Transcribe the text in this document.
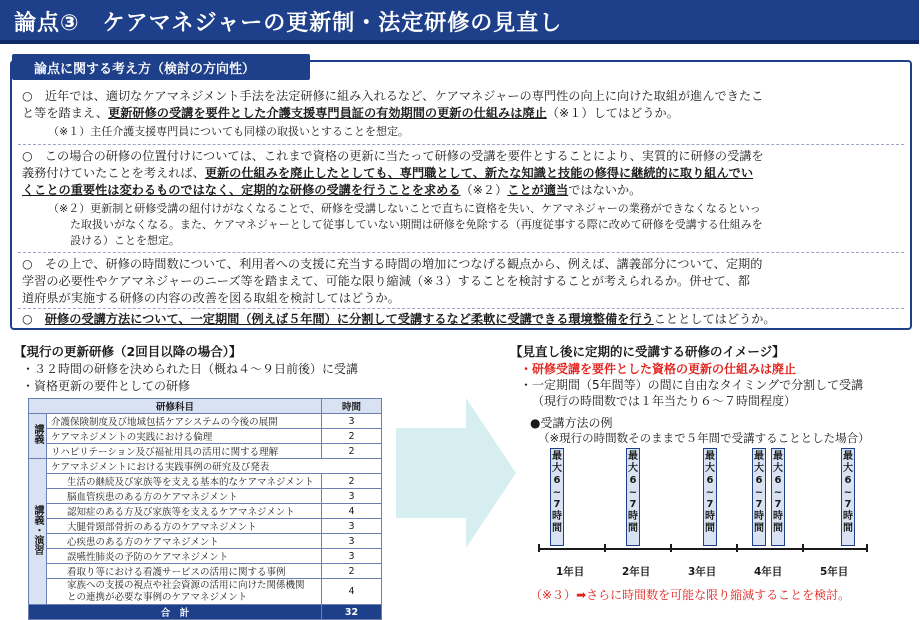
論点③　ケアマネジャーの更新制・法定研修の見直し
論点に関する考え方（検討の方向性）
○　近年では、適切なケアマネジメント手法を法定研修に組み入れるなど、ケアマネジャーの専門性の向上に向けた取組が進んできたこ
と等を踏まえ、更新研修の受講を要件とした介護支援専門員証の有効期間の更新の仕組みは廃止（※１）してはどうか。
（※１）主任介護支援専門員についても同様の取扱いとすることを想定。
○　この場合の研修の位置付けについては、これまで資格の更新に当たって研修の受講を要件とすることにより、実質的に研修の受講を
義務付けていたことを考えれば、更新の仕組みを廃止したとしても、専門職として、新たな知識と技能の修得に継続的に取り組んでい
くことの重要性は変わるものではなく、定期的な研修の受講を行うことを求める（※２）ことが適当ではないか。
（※２）更新制と研修受講の紐付けがなくなることで、研修を受講しないことで直ちに資格を失い、ケアマネジャーの業務ができなくなるといっ
た取扱いがなくなる。また、ケアマネジャーとして従事していない期間は研修を免除する（再度従事する際に改めて研修を受講する仕組みを
設ける）ことを想定。
○　その上で、研修の時間数について、利用者への支援に充当する時間の増加につなげる観点から、例えば、講義部分について、定期的
学習の必要性やケアマネジャーのニーズ等を踏まえて、可能な限り縮減（※３）することを検討することが考えられるか。併せて、都
道府県が実施する研修の内容の改善を図る取組を検討してはどうか。
○　研修の受講方法について、一定期間（例えば５年間）に分割して受講するなど柔軟に受講できる環境整備を行うこととしてはどうか。
【現行の更新研修（2回目以降の場合）】
・３２時間の研修を決められた日（概ね４～９日前後）に受講
・資格更新の要件としての研修
研修科目		時間
講義	介護保険制度及び地域包括ケアシステムの今後の展開	3
	ケアマネジメントの実践における倫理	2
	リハビリテーション及び福祉用具の活用に関する理解	2
講義・演習	ケアマネジメントにおける実践事例の研究及び発表	
	生活の継続及び家族等を支える基本的なケアマネジメント	2
	脳血管疾患のある方のケアマネジメント	3
	認知症のある方及び家族等を支えるケアマネジメント	4
	大腿骨頸部骨折のある方のケアマネジメント	3
	心疾患のある方のケアマネジメント	3
	誤嚥性肺炎の予防のケアマネジメント	3
	看取り等における看護サービスの活用に関する事例	2

	家族への支援の視点や社会資源の活用に向けた関係機関
との連携が必要な事例のケアマネジメント	4
合　計		32
【見直し後に定期的に受講する研修のイメージ】
・研修受講を要件とした資格の更新の仕組みは廃止
・一定期間（5年間等）の間に自由なタイミングで分割して受講
（現行の時間数では１年当たり６～７時間程度）
●受講方法の例
（※現行の時間数そのままで５年間で受講することとした場合）
最
大
6
~
7
時
間
最
大
6
~
7
時
間
最
大
6
~
7
時
間
最
大
6
~
7
時
間
最
大
6
~
7
時
間
最
大
6
~
7
時
間
1年目	2年目	3年目	4年目	5年目
（※３）➡さらに時間数を可能な限り縮減することを検討。
